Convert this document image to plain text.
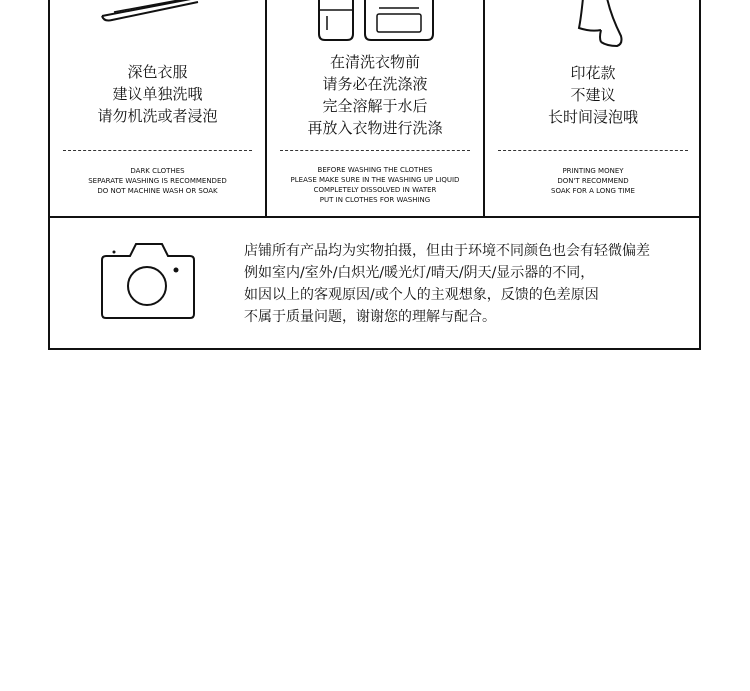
深色衣服
建议单独洗哦
请勿机洗或者浸泡
DARK CLOTHES
SEPARATE WASHING IS RECOMMENDED
DO NOT MACHINE WASH OR SOAK
在清洗衣物前
请务必在洗涤液
完全溶解于水后
再放入衣物进行洗涤
BEFORE WASHING THE CLOTHES
PLEASE MAKE SURE IN THE WASHING UP LIQUID
COMPLETELY DISSOLVED IN WATER
PUT IN CLOTHES FOR WASHING
印花款
不建议
长时间浸泡哦
PRINTING MONEY
DON'T RECOMMEND
SOAK FOR A LONG TIME
店铺所有产品均为实物拍摄，但由于环境不同颜色也会有轻微偏差
例如室内/室外/白炽光/暖光灯/晴天/阴天/显示器的不同，
如因以上的客观原因/或个人的主观想象，反馈的色差原因
不属于质量问题，谢谢您的理解与配合。
